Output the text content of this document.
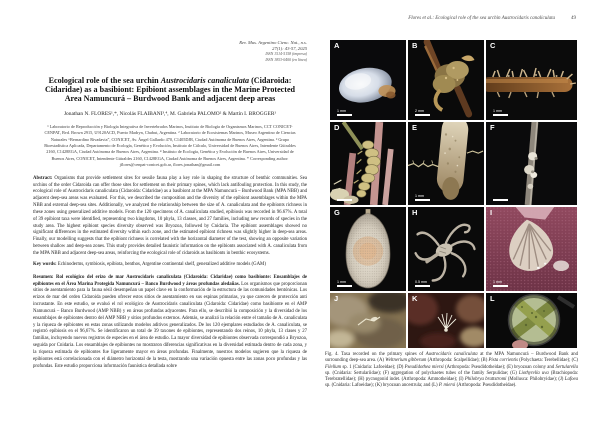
Flores et al.: Ecological role of the sea urchin Austrocidaris canaliculata	49
Rev. Mus. Argentino Cienc. Nat., n.s.
27(1): 43-57, 2025
ISSN 1514-5158 (impresa)
ISSN 1853-0400 (en línea)
Ecological role of the sea urchin Austrocidaris canaliculata (Cidaroida: Cidaridae) as a basibiont: Epibiont assemblages in the Marine Protected Area Namuncurá – Burdwood Bank and adjacent deep areas
Jonathan N. FLORES¹,*, Nicolás FLAIBANI³,⁴, M. Gabriela PALOMO² & Martín I. BROGGER¹
¹ Laboratorio de Reproducción y Biología Integrativa de Invertebrados Marinos, Instituto de Biología de Organismos Marinos, CCT CONICET-CENPAT, Bvd. Brown 2915, U9120ACD, Puerto Madryn, Chubut, Argentina. ² Laboratorio de Ecosistemas Marinos, Museo Argentino de Ciencias Naturales “Bernardino Rivadavia”, CONICET, Av. Ángel Gallardo 470, C1405DJR, Ciudad Autónoma de Buenos Aires, Argentina. ³ Grupo Bioestadística Aplicada, Departamento de Ecología, Genética y Evolución, Instituto de Cálculo, Universidad de Buenos Aires, Intendente Güiraldes 2160, C1428EGA, Ciudad Autónoma de Buenos Aires, Argentina. ⁴ Instituto de Ecología, Genética y Evolución de Buenos Aires, Universidad de Buenos Aires, CONICET, Intendente Güiraldes 2160, C1428EGA, Ciudad Autónoma de Buenos Aires, Argentina. * Corresponding author: jflores@cenpat-conicet.gob.ar, flores.jonathan@gmail.com
Abstract: Organisms that provide settlement sites for sessile fauna play a key role in shaping the structure of benthic communities. Sea urchins of the order Cidaroida can offer those sites for settlement on their primary spines, which lack antifouling protection. In this study, the ecological role of Austrocidaris canaliculata (Cidaroida: Cidaridae) as a basibiont at the MPA Namuncurá – Burdwood Bank (MPA NBB) and adjacent deep-sea areas was evaluated. For this, we described the composition and the diversity of the epibiont assemblages within the MPA NBB and external deep-sea sites. Additionally, we analyzed the relationship between the size of A. canaliculata and the epibionts richness in these zones using generalized additive models. From the 120 specimens of A. canaliculata studied, epibiosis was recorded in 96.67%. A total of 39 epibiont taxa were identified, representing two kingdoms, 10 phyla, 13 classes, and 27 families, including new records of species in the study area. The highest epibiont species diversity observed was Bryozoa, followed by Cnidaria. The epibiont assemblages showed no significant differences in the estimated diversity within each zone, and the estimated epibiont richness was slightly higher in deep-sea areas. Finally, our modelling suggests that the epibiont richness is correlated with the horizontal diameter of the test, showing an opposite variation between shallow and deep-sea zones. This study provides detailed faunistic information on the epibionts associated with A. canaliculata from the MPA NBB and adjacent deep-sea areas, reinforcing the ecological role of cidaroids as basibionts in benthic ecosystems.
Key words: Echinoderms, symbiosis, epibiota, benthos, Argentine continental shelf, generalized additive models (GAM)
Resumen: Rol ecológico del erizo de mar Austrocidaris canaliculata (Cidaroida: Cidaridae) como basibionte: Ensamblajes de epibiontes en el Área Marina Protegida Namuncurá – Banco Burdwood y áreas profundas aledañas. Los organismos que proporcionan sitios de asentamiento para la fauna sésil desempeñan un papel clave en la conformación de la estructura de las comunidades bentónicas. Los erizos de mar del orden Cidaroida pueden ofrecer estos sitios de asentamiento en sus espinas primarias, ya que carecen de protección anti incrustante. En este estudio, se evaluó el rol ecológico de Austrocidaris canaliculata (Cidaroida: Cidaridae) como basibionte en el AMP Namuncurá – Banco Burdwood (AMP NBB) y en áreas profundas adyacentes. Para ello, se describió la composición y la diversidad de los ensamblajes de epibiontes dentro del AMP NBB y sitios profundos externos. Además, se analizó la relación entre el tamaño de A. canaliculata y la riqueza de epibiontes en estas zonas utilizando modelos aditivos generalizados. De los 120 ejemplares estudiados de A. canaliculata, se registró epibiosis en el 96,67%. Se identificaron un total de 39 taxones de epibiontes, representando dos reinos, 10 phyla, 13 clases y 27 familias, incluyendo nuevos registros de especies en el área de estudio. La mayor diversidad de epibiontes observada correspondió a Bryozoa, seguida por Cnidaria. Los ensamblajes de epibiontes no mostraron diferencias significativas en la diversidad estimada dentro de cada zona, y la riqueza estimada de epibiontes fue ligeramente mayor en áreas profundas. Finalmente, nuestros modelos sugieren que la riqueza de epibiontes está correlacionada con el diámetro horizontal de la testa, mostrando una variación opuesta entre las zonas poco profundas y las profundas. Este estudio proporciona información faunística detallada sobre
A
1 mm
B
2 mm
C
1 mm
D	E
1 mm
F
G
1 mm
H
0.5 mm
I
1 mm
J	K	L
Fig. 4. Taxa recorded on the primary spines of Austrocidaris canaliculata at the MPA Namuncurá – Burdwood Bank and surrounding deep-sea area. (A) Weltnerium gibberum (Arthropoda: Scalpellidae); (B) Pista corrientis (Polychaeta: Terebellidae); (C) Filellum sp. 1 (Cnidaria: Lafoeidae); (D) Pseudidothea miersi (Arthropoda: Pseudidotheidae); (E) bryozoan colony and Sertularella sp. (Cnidaria: Sertulariidae); (F) aggregation of polychaetes tubes of the family Serpulidae; (G) Liothyrella uva (Brachiopoda: Terebratellidae); (H) pycnogonid indet. (Arthropoda: Ammotheidae); (I) Philobrya brattstromi (Mollusca: Philobryidae); (J) Lafoea sp. (Cnidaria: Lafoeidae); (K) bryozoan ancestrula; and (L) P. miersi (Arthropoda: Pseudidotheidae).
